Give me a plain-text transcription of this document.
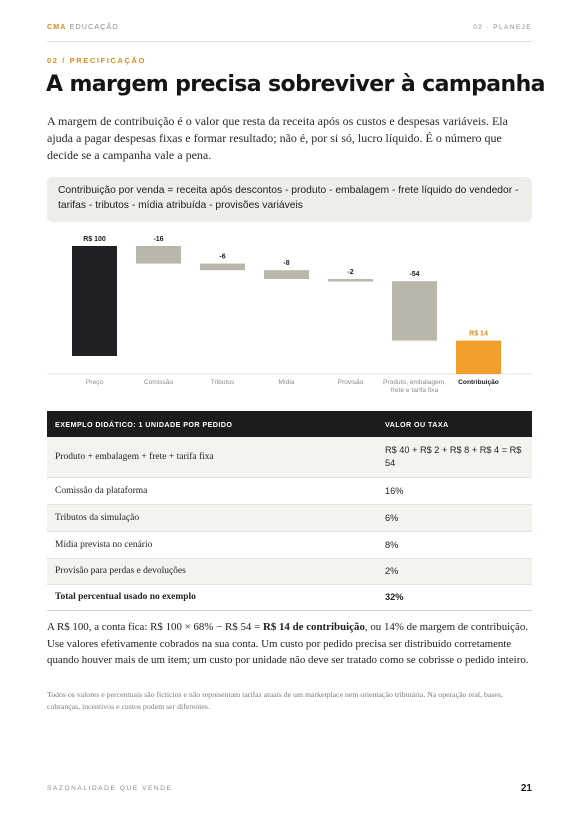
CMA EDUCAÇÃO	02 · PLANEJE
02 / PRECIFICAÇÃO
A margem precisa sobreviver à campanha

A margem de contribuição é o valor que resta da receita após os custos e despesas variáveis. Ela ajuda a pagar despesas fixas e formar resultado; não é, por si só, lucro líquido. É o número que decide se a campanha vale a pena.

Contribuição por venda = receita após descontos - produto - embalagem - frete líquido do vendedor - tarifas - tributos - mídia atribuída - provisões variáveis
R$ 100
Preço
-16
Comissão
-6
Tributos
-8
Mídia
-2
Provisão
-54
Produto, embalagem,
frete e tarifa fixa
R$ 14
Contribuição
EXEMPLO DIDÁTICO: 1 UNIDADE POR PEDIDO	VALOR OU TAXA
Produto + embalagem + frete + tarifa fixa	R$ 40 + R$ 2 + R$ 8 + R$ 4 = R$ 54
Comissão da plataforma	16%
Tributos da simulação	6%
Mídia prevista no cenário	8%
Provisão para perdas e devoluções	2%
Total percentual usado no exemplo	32%

A R$ 100, a conta fica: R$ 100 × 68% − R$ 54 = R$ 14 de contribuição, ou 14% de margem de contribuição. Use valores efetivamente cobrados na sua conta. Um custo por pedido precisa ser distribuído corretamente quando houver mais de um item; um custo por unidade não deve ser tratado como se cobrisse o pedido inteiro.

Todos os valores e percentuais são fictícios e não representam tarifas atuais de um marketplace nem orientação tributária. Na operação real, bases, cobranças, incentivos e custos podem ser diferentes.

SAZONALIDADE QUE VENDE	21
